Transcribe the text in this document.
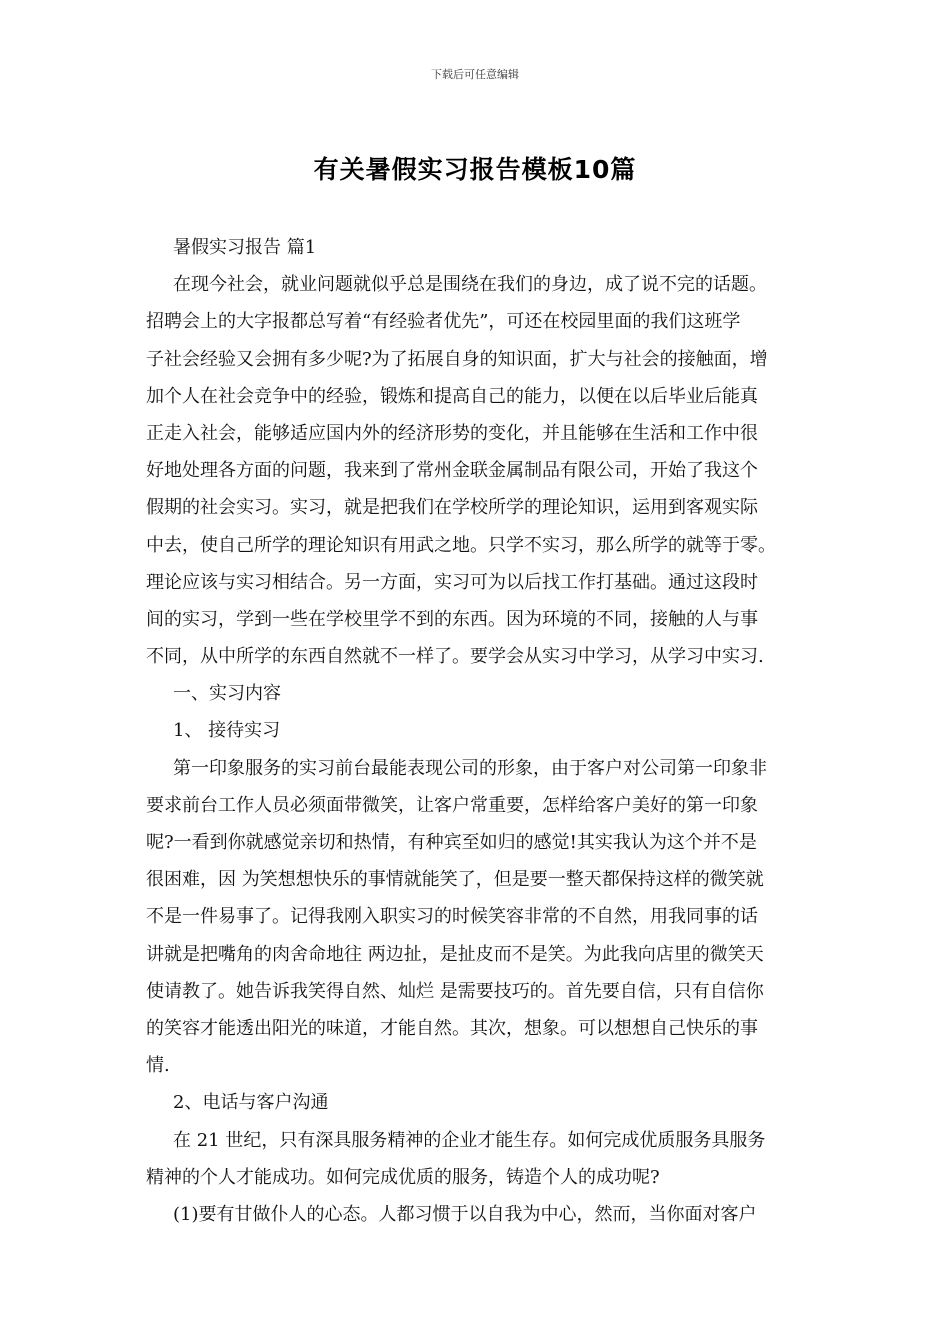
下载后可任意编辑
有关暑假实习报告模板10篇
暑假实习报告 篇1
在现今社会，就业问题就似乎总是围绕在我们的身边，成了说不完的话题。
招聘会上的大字报都总写着“有经验者优先”，可还在校园里面的我们这班学
子社会经验又会拥有多少呢?为了拓展自身的知识面，扩大与社会的接触面，增
加个人在社会竞争中的经验，锻炼和提高自己的能力，以便在以后毕业后能真
正走入社会，能够适应国内外的经济形势的变化，并且能够在生活和工作中很
好地处理各方面的问题，我来到了常州金联金属制品有限公司，开始了我这个
假期的社会实习。实习，就是把我们在学校所学的理论知识，运用到客观实际
中去，使自己所学的理论知识有用武之地。只学不实习，那么所学的就等于零。
理论应该与实习相结合。另一方面，实习可为以后找工作打基础。通过这段时
间的实习，学到一些在学校里学不到的东西。因为环境的不同，接触的人与事
不同，从中所学的东西自然就不一样了。要学会从实习中学习，从学习中实习.
一、实习内容
1、 接待实习
第一印象服务的实习前台最能表现公司的形象，由于客户对公司第一印象非
要求前台工作人员必须面带微笑，让客户常重要，怎样给客户美好的第一印象
呢?一看到你就感觉亲切和热情，有种宾至如归的感觉!其实我认为这个并不是
很困难，因 为笑想想快乐的事情就能笑了，但是要一整天都保持这样的微笑就
不是一件易事了。记得我刚入职实习的时候笑容非常的不自然，用我同事的话
讲就是把嘴角的肉舍命地往 两边扯，是扯皮而不是笑。为此我向店里的微笑天
使请教了。她告诉我笑得自然、灿烂 是需要技巧的。首先要自信，只有自信你
的笑容才能透出阳光的味道，才能自然。其次，想象。可以想想自己快乐的事
情.
2、电话与客户沟通
在 21 世纪，只有深具服务精神的企业才能生存。如何完成优质服务具服务
精神的个人才能成功。如何完成优质的服务，铸造个人的成功呢?
(1)要有甘做仆人的心态。人都习惯于以自我为中心，然而，当你面对客户
